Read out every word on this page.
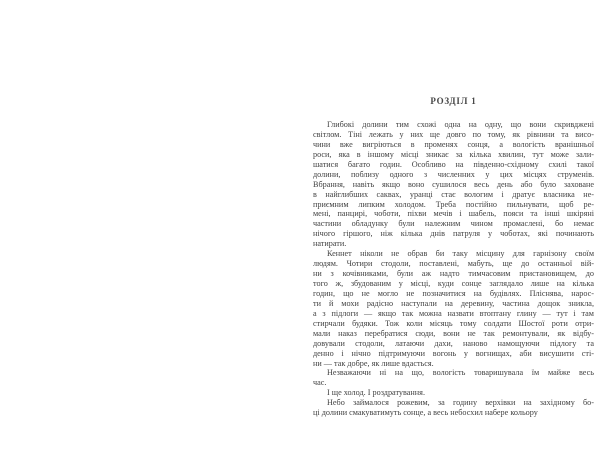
РОЗДІЛ 1
Глибокі долини тим схожі одна на одну, що вони скривджені
світлом. Тіні лежать у них ще довго по тому, як рівнини та висо-
чини вже вигріються в променях сонця, а вологість вранішньої
роси, яка в іншому місці зникає за кілька хвилин, тут може зали-
шатися багато годин. Особливо на південно-східному схилі такої
долини, поблизу одного з численних у цих місцях струменів.
Вбрання, навіть якщо воно сушилося весь день або було заховане
в найглибших саквах, уранці стає вологим і дратує власника не-
приємним липким холодом. Треба постійно пильнувати, щоб ре-
мені, панцирі, чоботи, піхви мечів і шабель, пояси та інші шкіряні
частини обладунку були належним чином промаслені, бо немає
нічого гіршого, ніж кілька днів патруля у чоботах, які починають
натирати.
Кеннет ніколи не обрав би таку місцину для гарнізону своїм
людям. Чотири стодоли, поставлені, мабуть, ще до останньої вій-
ни з кочівниками, були аж надто тимчасовим пристановищем, до
того ж, збудованим у місці, куди сонце заглядало лише на кілька
годин, що не могло не позначитися на будівлях. Пліснява, нарос-
ти й мохи радісно наступали на деревину, частина дощок зникла,
а з підлоги — якщо так можна назвати втоптану глину — тут і там
стирчали будяки. Тож коли місяць тому солдати Шостої роти отри-
мали наказ перебратися сюди, вони не так ремонтували, як відбу-
довували стодоли, латаючи дахи, наново намощуючи підлогу та
денно і нічно підтримуючи вогонь у вогнищах, аби висушити сті-
ни — так добре, як лише вдасться.
Незважаючи ні на що, вологість товаришувала їм майже весь
час.
І ще холод. І роздратування.
Небо займалося рожевим, за годину верхівки на західному бо-
ці долини смакуватимуть сонце, а весь небосхил набере кольору
